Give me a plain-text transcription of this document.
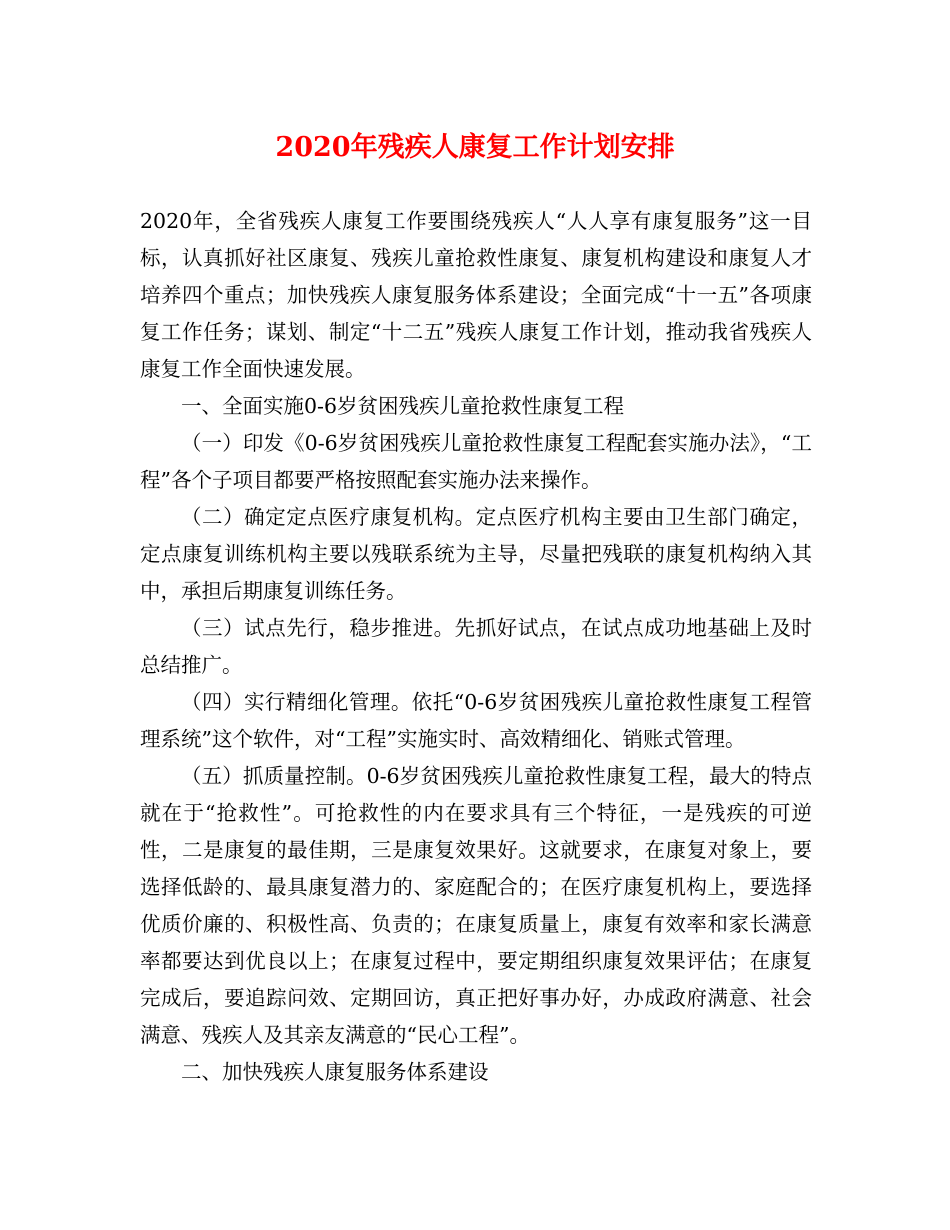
2020年残疾人康复工作计划安排

2020年，全省残疾人康复工作要围绕残疾人“人人享有康复服务”这一目标，认真抓好社区康复、残疾儿童抢救性康复、康复机构建设和康复人才培养四个重点；加快残疾人康复服务体系建设；全面完成“十一五”各项康复工作任务；谋划、制定“十二五”残疾人康复工作计划，推动我省残疾人康复工作全面快速发展。

一、全面实施0-6岁贫困残疾儿童抢救性康复工程

（一）印发《0-6岁贫困残疾儿童抢救性康复工程配套实施办法》，“工程”各个子项目都要严格按照配套实施办法来操作。

（二）确定定点医疗康复机构。定点医疗机构主要由卫生部门确定，定点康复训练机构主要以残联系统为主导，尽量把残联的康复机构纳入其中，承担后期康复训练任务。

（三）试点先行，稳步推进。先抓好试点，在试点成功地基础上及时总结推广。

（四）实行精细化管理。依托“0-6岁贫困残疾儿童抢救性康复工程管理系统”这个软件，对“工程”实施实时、高效精细化、销账式管理。

（五）抓质量控制。0-6岁贫困残疾儿童抢救性康复工程，最大的特点就在于“抢救性”。可抢救性的内在要求具有三个特征，一是残疾的可逆性，二是康复的最佳期，三是康复效果好。这就要求，在康复对象上，要选择低龄的、最具康复潜力的、家庭配合的；在医疗康复机构上，要选择优质价廉的、积极性高、负责的；在康复质量上，康复有效率和家长满意率都要达到优良以上；在康复过程中，要定期组织康复效果评估；在康复完成后，要追踪问效、定期回访，真正把好事办好，办成政府满意、社会满意、残疾人及其亲友满意的“民心工程”。

二、加快残疾人康复服务体系建设
